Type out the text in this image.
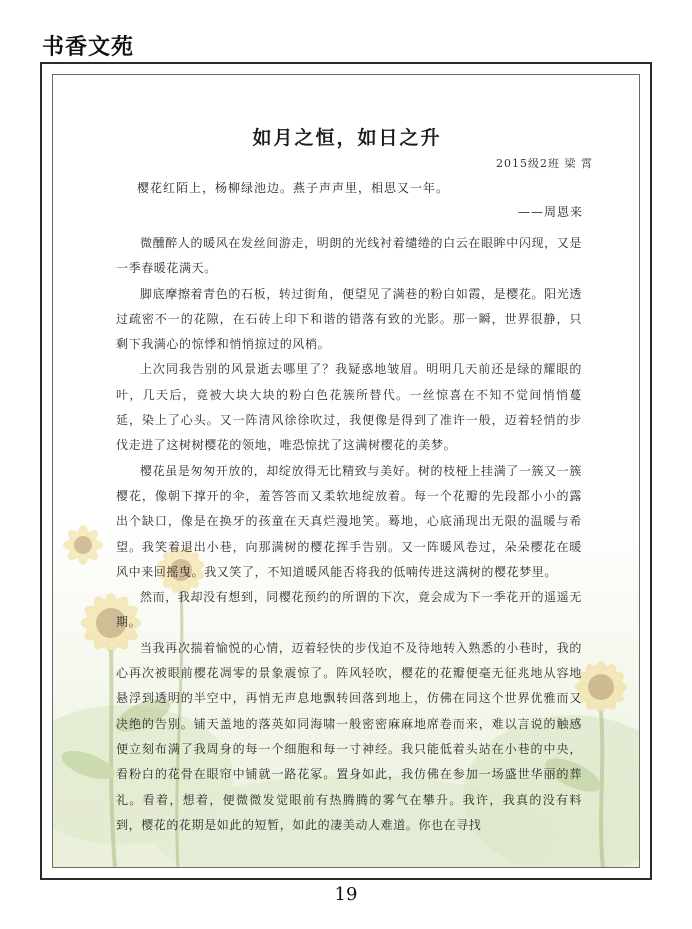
书香文苑
如月之恒，如日之升
2015级2班 梁 霄
樱花红陌上，杨柳绿池边。燕子声声里，相思又一年。
——周恩来

微醺醉人的暖风在发丝间游走，明朗的光线衬着缱绻的白云在眼眸中闪现，又是一季春暖花满天。

脚底摩擦着青色的石板，转过街角，便望见了满巷的粉白如霞，是樱花。阳光透过疏密不一的花隙，在石砖上印下和谐的错落有致的光影。那一瞬，世界很静，只剩下我满心的惊悸和悄悄掠过的风梢。

上次同我告别的风景逝去哪里了？我疑惑地皱眉。明明几天前还是绿的耀眼的叶，几天后，竟被大块大块的粉白色花簇所替代。一丝惊喜在不知不觉间悄悄蔓延，染上了心头。又一阵清风徐徐吹过，我便像是得到了准许一般，迈着轻悄的步伐走进了这树树樱花的领地，唯恐惊扰了这满树樱花的美梦。

樱花虽是匆匆开放的，却绽放得无比精致与美好。树的枝桠上挂满了一簇又一簇樱花，像朝下撑开的伞，羞答答而又柔软地绽放着。每一个花瓣的先段都小小的露出个缺口，像是在换牙的孩童在天真烂漫地笑。蓦地，心底涌现出无限的温暖与希望。我笑着退出小巷，向那满树的樱花挥手告别。又一阵暖风卷过，朵朵樱花在暖风中来回摇曳。我又笑了，不知道暖风能否将我的低喃传进这满树的樱花梦里。

然而，我却没有想到，同樱花预约的所谓的下次，竟会成为下一季花开的遥遥无期。

当我再次揣着愉悦的心情，迈着轻快的步伐迫不及待地转入熟悉的小巷时，我的心再次被眼前樱花凋零的景象震惊了。阵风轻吹，樱花的花瓣便毫无征兆地从容地悬浮到透明的半空中，再悄无声息地飘转回落到地上，仿佛在同这个世界优雅而又决绝的告别。铺天盖地的落英如同海啸一般密密麻麻地席卷而来，难以言说的触感便立刻布满了我周身的每一个细胞和每一寸神经。我只能低着头站在小巷的中央，看粉白的花骨在眼帘中铺就一路花冢。置身如此，我仿佛在参加一场盛世华丽的葬礼。看着，想着，便微微发觉眼前有热腾腾的雾气在攀升。我许，我真的没有料到，樱花的花期是如此的短暂，如此的凄美动人难道。你也在寻找

19
